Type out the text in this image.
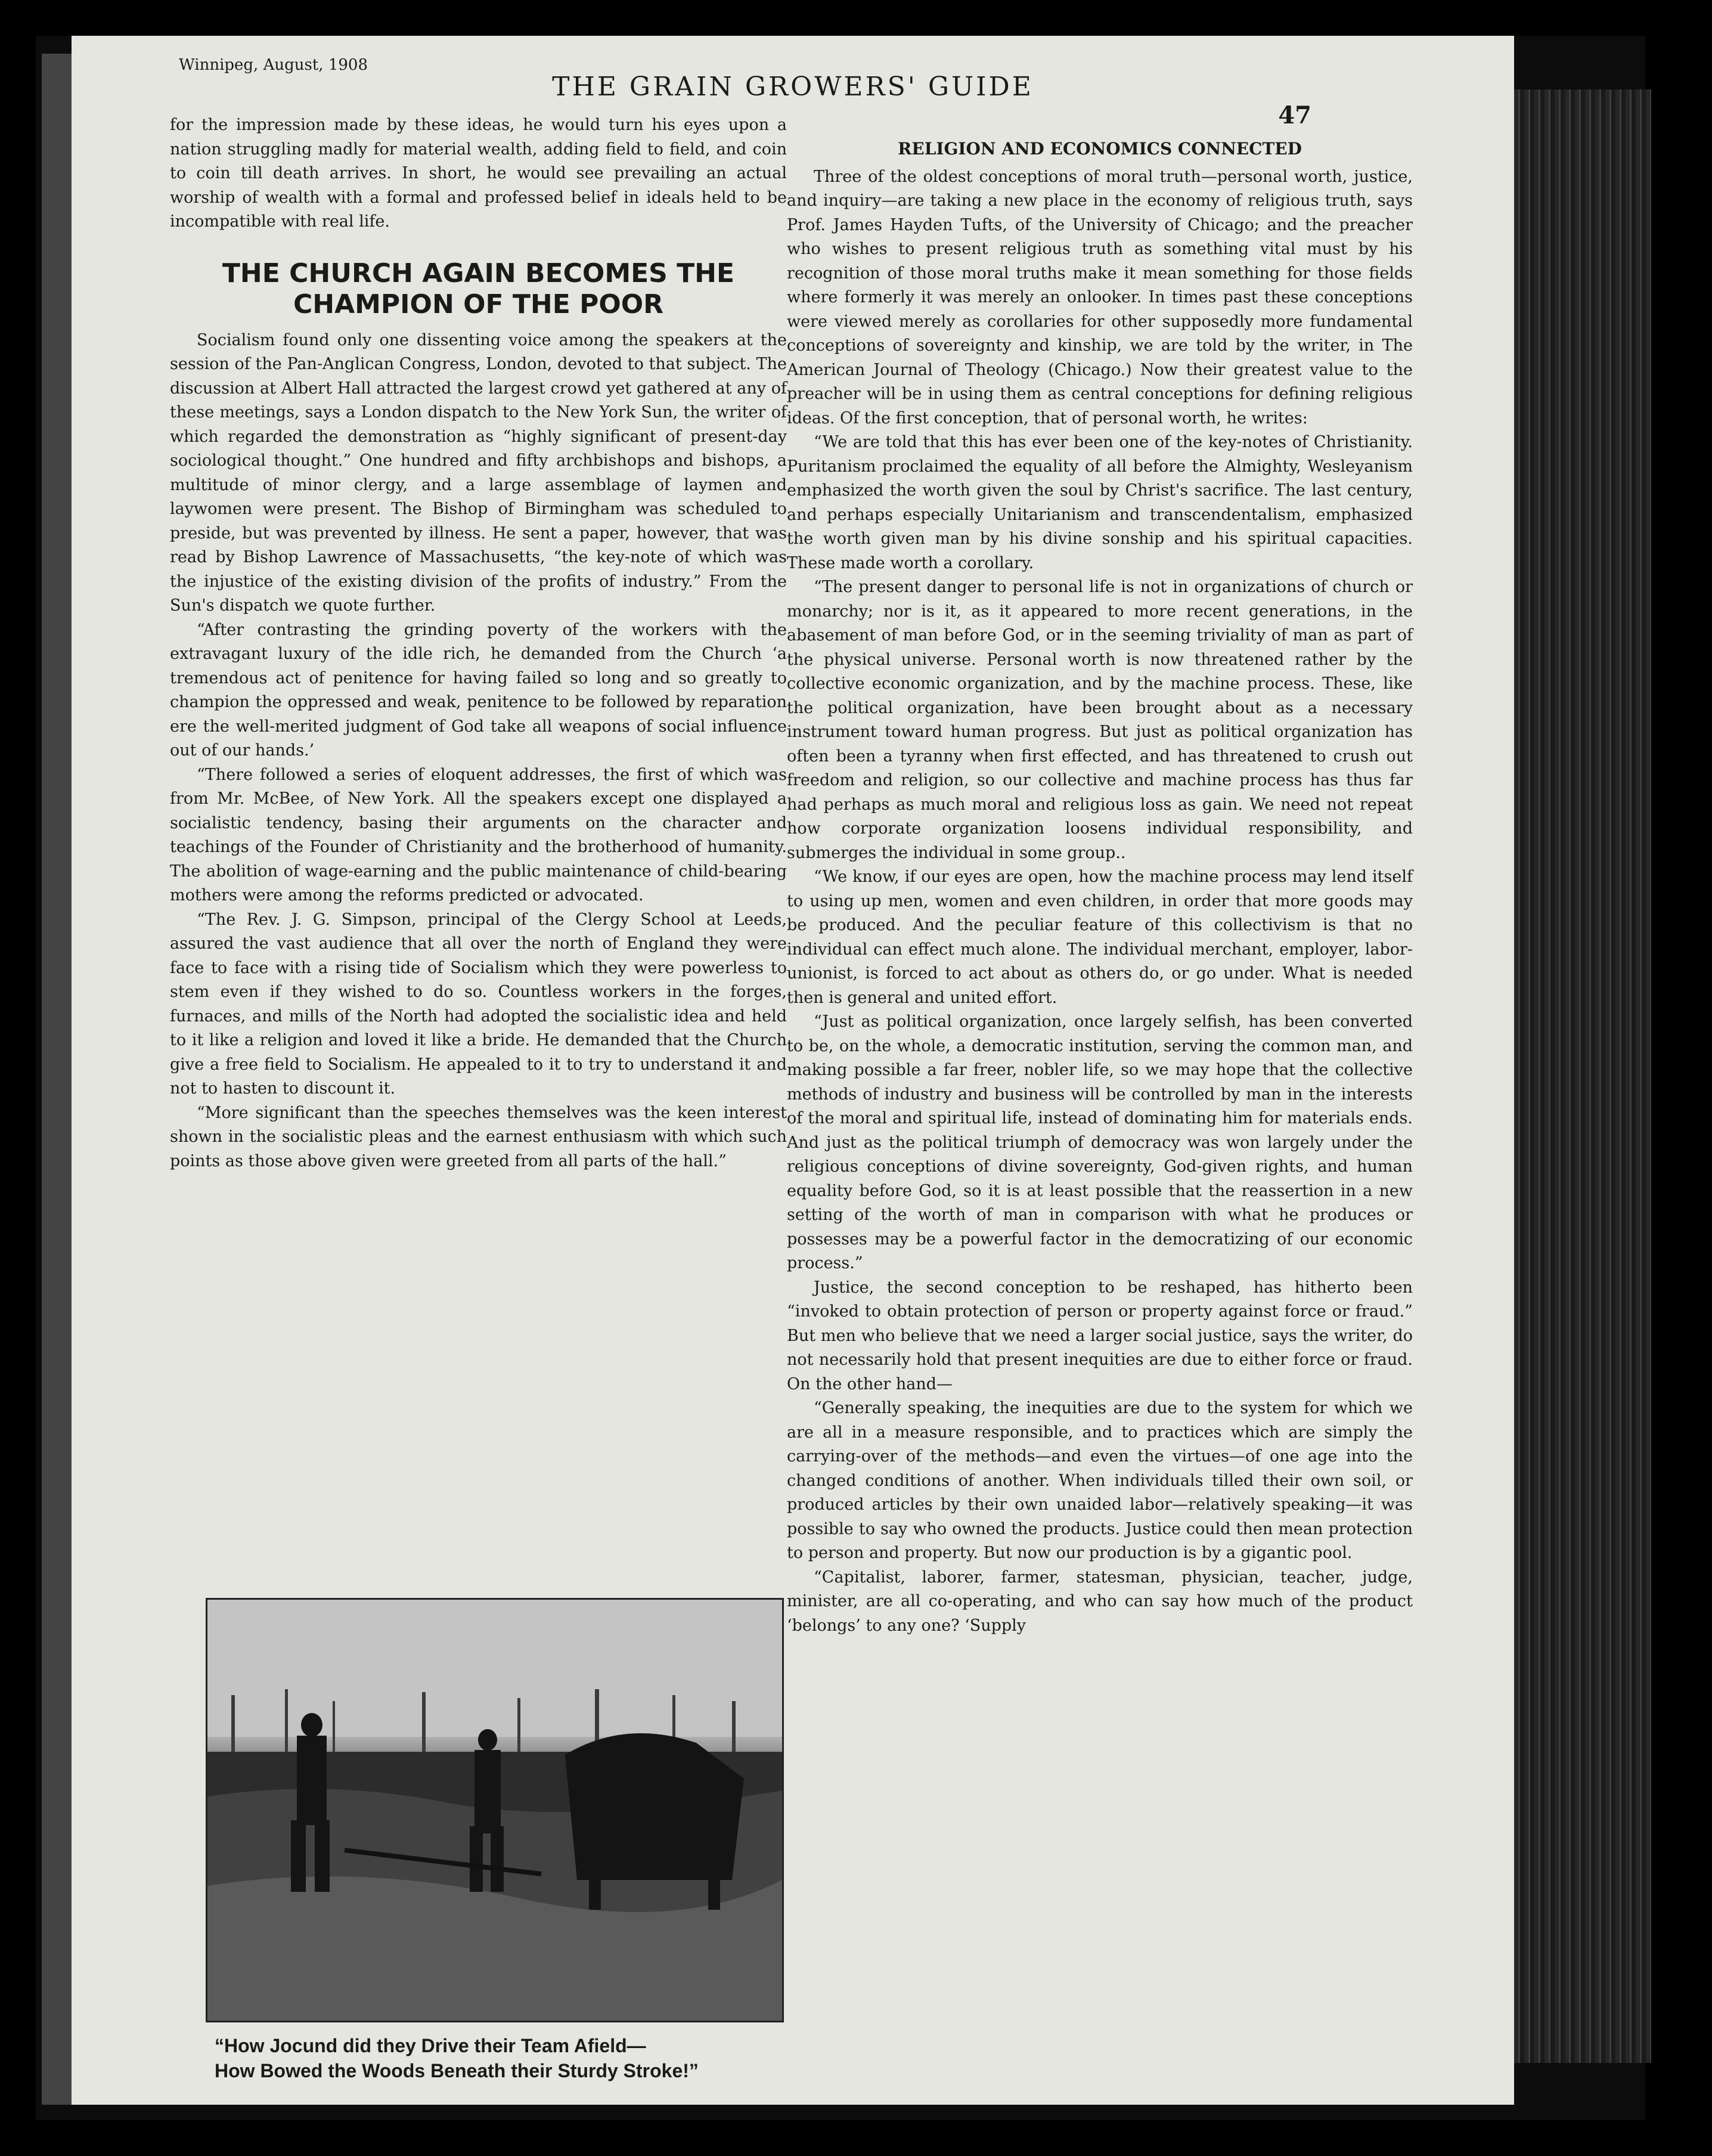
Winnipeg, August, 1908
THE GRAIN GROWERS' GUIDE
47

for the impression made by these ideas, he would turn his eyes upon a nation struggling madly for material wealth, adding field to field, and coin to coin till death arrives. In short, he would see prevailing an actual worship of wealth with a formal and professed belief in ideals held to be incompatible with real life.

THE CHURCH AGAIN BECOMES THE CHAMPION OF THE POOR

Socialism found only one dissenting voice among the speakers at the session of the Pan-Anglican Congress, London, devoted to that subject. The discussion at Albert Hall attracted the largest crowd yet gathered at any of these meetings, says a London dispatch to the New York Sun, the writer of which regarded the demonstration as “highly significant of present-day sociological thought.” One hundred and fifty archbishops and bishops, a multitude of minor clergy, and a large assemblage of laymen and laywomen were present. The Bishop of Birmingham was scheduled to preside, but was prevented by illness. He sent a paper, however, that was read by Bishop Lawrence of Massachusetts, “the key-note of which was the injustice of the existing division of the profits of industry.” From the Sun's dispatch we quote further.

“After contrasting the grinding poverty of the workers with the extravagant luxury of the idle rich, he demanded from the Church ‘a tremendous act of penitence for having failed so long and so greatly to champion the oppressed and weak, penitence to be followed by reparation ere the well-merited judgment of God take all weapons of social influence out of our hands.’

“There followed a series of eloquent addresses, the first of which was from Mr. McBee, of New York. All the speakers except one displayed a socialistic tendency, basing their arguments on the character and teachings of the Founder of Christianity and the brotherhood of humanity. The abolition of wage-earning and the public maintenance of child-bearing mothers were among the reforms predicted or advocated.

“The Rev. J. G. Simpson, principal of the Clergy School at Leeds, assured the vast audience that all over the north of England they were face to face with a rising tide of Socialism which they were powerless to stem even if they wished to do so. Countless workers in the forges, furnaces, and mills of the North had adopted the socialistic idea and held to it like a religion and loved it like a bride. He demanded that the Church give a free field to Socialism. He appealed to it to try to understand it and not to hasten to discount it.

“More significant than the speeches themselves was the keen interest shown in the socialistic pleas and the earnest enthusiasm with which such points as those above given were greeted from all parts of the hall.”

“How Jocund did they Drive their Team Afield—
How Bowed the Woods Beneath their Sturdy Stroke!”
RELIGION AND ECONOMICS CONNECTED

Three of the oldest conceptions of moral truth—personal worth, justice, and inquiry—are taking a new place in the economy of religious truth, says Prof. James Hayden Tufts, of the University of Chicago; and the preacher who wishes to present religious truth as something vital must by his recognition of those moral truths make it mean something for those fields where formerly it was merely an onlooker. In times past these conceptions were viewed merely as corollaries for other supposedly more fundamental conceptions of sovereignty and kinship, we are told by the writer, in The American Journal of Theology (Chicago.) Now their greatest value to the preacher will be in using them as central conceptions for defining religious ideas. Of the first conception, that of personal worth, he writes:

“We are told that this has ever been one of the key-notes of Christianity. Puritanism proclaimed the equality of all before the Almighty, Wesleyanism emphasized the worth given the soul by Christ's sacrifice. The last century, and perhaps especially Unitarianism and transcendentalism, emphasized the worth given man by his divine sonship and his spiritual capacities. These made worth a corollary.

“The present danger to personal life is not in organizations of church or monarchy; nor is it, as it appeared to more recent generations, in the abasement of man before God, or in the seeming triviality of man as part of the physical universe. Personal worth is now threatened rather by the collective economic organization, and by the machine process. These, like the political organization, have been brought about as a necessary instrument toward human progress. But just as political organization has often been a tyranny when first effected, and has threatened to crush out freedom and religion, so our collective and machine process has thus far had perhaps as much moral and religious loss as gain. We need not repeat how corporate organization loosens individual responsibility, and submerges the individual in some group..

“We know, if our eyes are open, how the machine process may lend itself to using up men, women and even children, in order that more goods may be produced. And the peculiar feature of this collectivism is that no individual can effect much alone. The individual merchant, employer, labor-unionist, is forced to act about as others do, or go under. What is needed then is general and united effort.

“Just as political organization, once largely selfish, has been converted to be, on the whole, a democratic institution, serving the common man, and making possible a far freer, nobler life, so we may hope that the collective methods of industry and business will be controlled by man in the interests of the moral and spiritual life, instead of dominating him for materials ends. And just as the political triumph of democracy was won largely under the religious conceptions of divine sovereignty, God-given rights, and human equality before God, so it is at least possible that the reassertion in a new setting of the worth of man in comparison with what he produces or possesses may be a powerful factor in the democratizing of our economic process.”

Justice, the second conception to be reshaped, has hitherto been “invoked to obtain protection of person or property against force or fraud.” But men who believe that we need a larger social justice, says the writer, do not necessarily hold that present inequities are due to either force or fraud. On the other hand—

“Generally speaking, the inequities are due to the system for which we are all in a measure responsible, and to practices which are simply the carrying-over of the methods—and even the virtues—of one age into the changed conditions of another. When individuals tilled their own soil, or produced articles by their own unaided labor—relatively speaking—it was possible to say who owned the products. Justice could then mean protection to person and property. But now our production is by a gigantic pool.

“Capitalist, laborer, farmer, statesman, physician, teacher, judge, minister, are all co-operating, and who can say how much of the product ‘belongs’ to any one? ‘Supply
